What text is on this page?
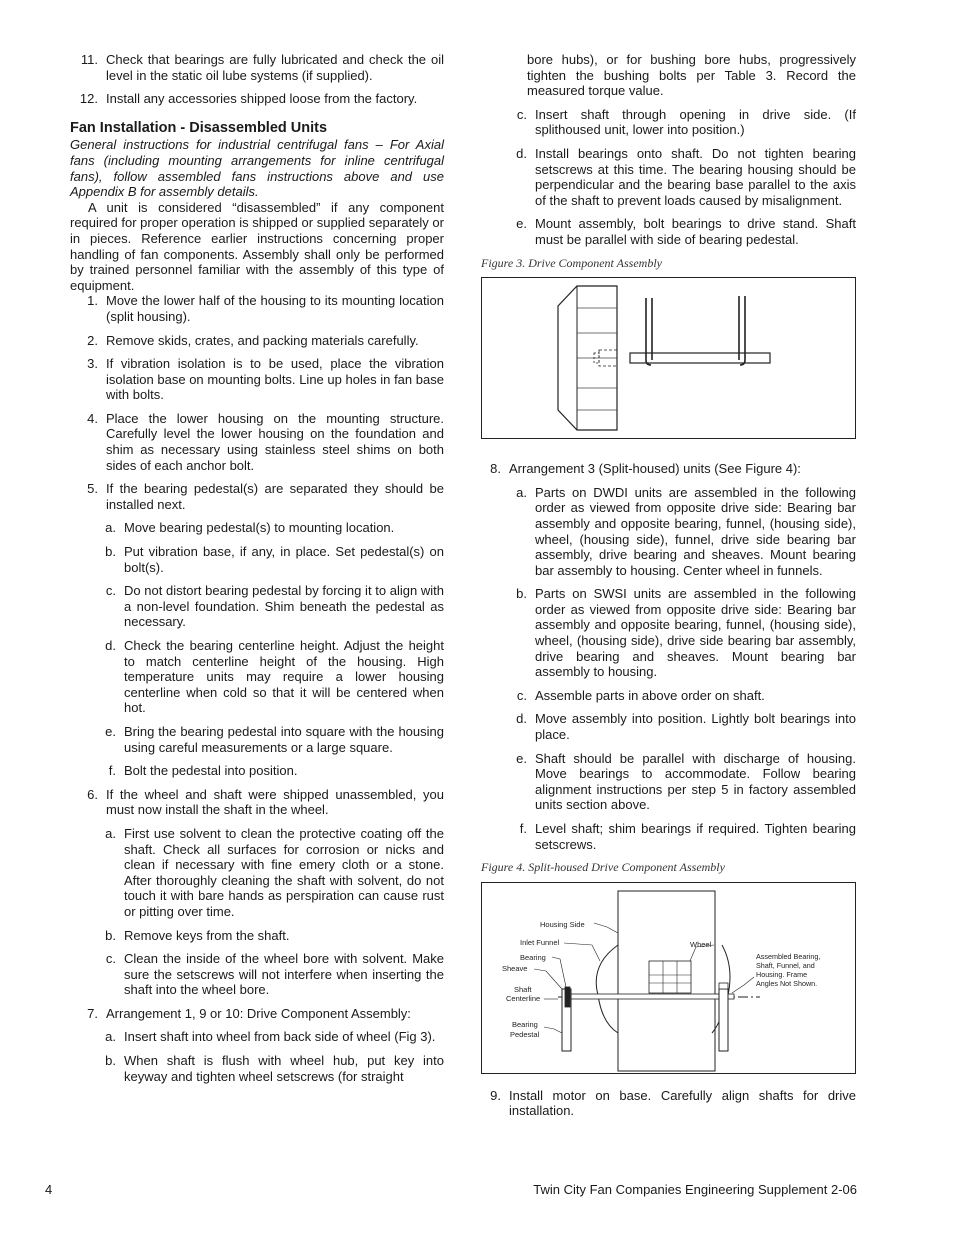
11. Check that bearings are fully lubricated and check the oil level in the static oil lube systems (if supplied).
12. Install any accessories shipped loose from the factory.
Fan Installation - Disassembled Units

General instructions for industrial centrifugal fans – For Axial fans (including mounting arrangements for inline centrifugal fans), follow assembled fans instructions above and use Appendix B for assembly details.

A unit is considered “disassembled” if any component required for proper operation is shipped or supplied separately or in pieces. Reference earlier instructions concerning proper handling of fan components. Assembly shall only be performed by trained personnel familiar with the assembly of this type of equipment.

1. Move the lower half of the housing to its mounting location (split housing).
2. Remove skids, crates, and packing materials carefully.
3. If vibration isolation is to be used, place the vibration isolation base on mounting bolts. Line up holes in fan base with bolts.
4. Place the lower housing on the mounting structure. Carefully level the lower housing on the foundation and shim as necessary using stainless steel shims on both sides of each anchor bolt.
5. If the bearing pedestal(s) are separated they should be installed next.
a. Move bearing pedestal(s) to mounting location.
b. Put vibration base, if any, in place. Set pedestal(s) on bolt(s).
c. Do not distort bearing pedestal by forcing it to align with a non-level foundation. Shim beneath the pedestal as necessary.
d. Check the bearing centerline height. Adjust the height to match centerline height of the housing. High temperature units may require a lower housing centerline when cold so that it will be centered when hot.
e. Bring the bearing pedestal into square with the housing using careful measurements or a large square.
f. Bolt the pedestal into position.
6. If the wheel and shaft were shipped unassembled, you must now install the shaft in the wheel.
a. First use solvent to clean the protective coating off the shaft. Check all surfaces for corrosion or nicks and clean if necessary with fine emery cloth or a stone. After thoroughly cleaning the shaft with solvent, do not touch it with bare hands as perspiration can cause rust or pitting over time.
b. Remove keys from the shaft.
c. Clean the inside of the wheel bore with solvent. Make sure the setscrews will not interfere when inserting the shaft into the wheel bore.
7. Arrangement 1, 9 or 10: Drive Component Assembly:
a. Insert shaft into wheel from back side of wheel (Fig 3).
b. When shaft is flush with wheel hub, put key into keyway and tighten wheel setscrews (for straight

bore hubs), or for bushing bore hubs, progressively tighten the bushing bolts per Table 3. Record the measured torque value.

c. Insert shaft through opening in drive side. (If splithoused unit, lower into position.)
d. Install bearings onto shaft. Do not tighten bearing setscrews at this time. The bearing housing should be perpendicular and the bearing base parallel to the axis of the shaft to prevent loads caused by misalignment.
e. Mount assembly, bolt bearings to drive stand. Shaft must be parallel with side of bearing pedestal.
Figure 3. Drive Component Assembly
8. Arrangement 3 (Split-housed) units (See Figure 4):
a. Parts on DWDI units are assembled in the following order as viewed from opposite drive side: Bearing bar assembly and opposite bearing, funnel, (housing side), wheel, (housing side), funnel, drive side bearing bar assembly, drive bearing and sheaves. Mount bearing bar assembly to housing. Center wheel in funnels.
b. Parts on SWSI units are assembled in the following order as viewed from opposite drive side: Bearing bar assembly and opposite bearing, funnel, (housing side), wheel, (housing side), drive side bearing bar assembly, drive bearing and sheaves. Mount bearing bar assembly to housing.
c. Assemble parts in above order on shaft.
d. Move assembly into position. Lightly bolt bearings into place.
e. Shaft should be parallel with discharge of housing. Move bearings to accommodate. Follow bearing alignment instructions per step 5 in factory assembled units section above.
f. Level shaft; shim bearings if required. Tighten bearing setscrews.
Figure 4. Split-housed Drive Component Assembly
Housing Side
Inlet Funnel	Wheel
Bearing
Sheave
Shaft
Centerline
Bearing
Pedestal
Assembled Bearing,
Shaft, Funnel, and
Housing. Frame
Angles Not Shown.
9. Install motor on base. Carefully align shafts for drive installation.
4	Twin City Fan Companies Engineering Supplement 2-06
